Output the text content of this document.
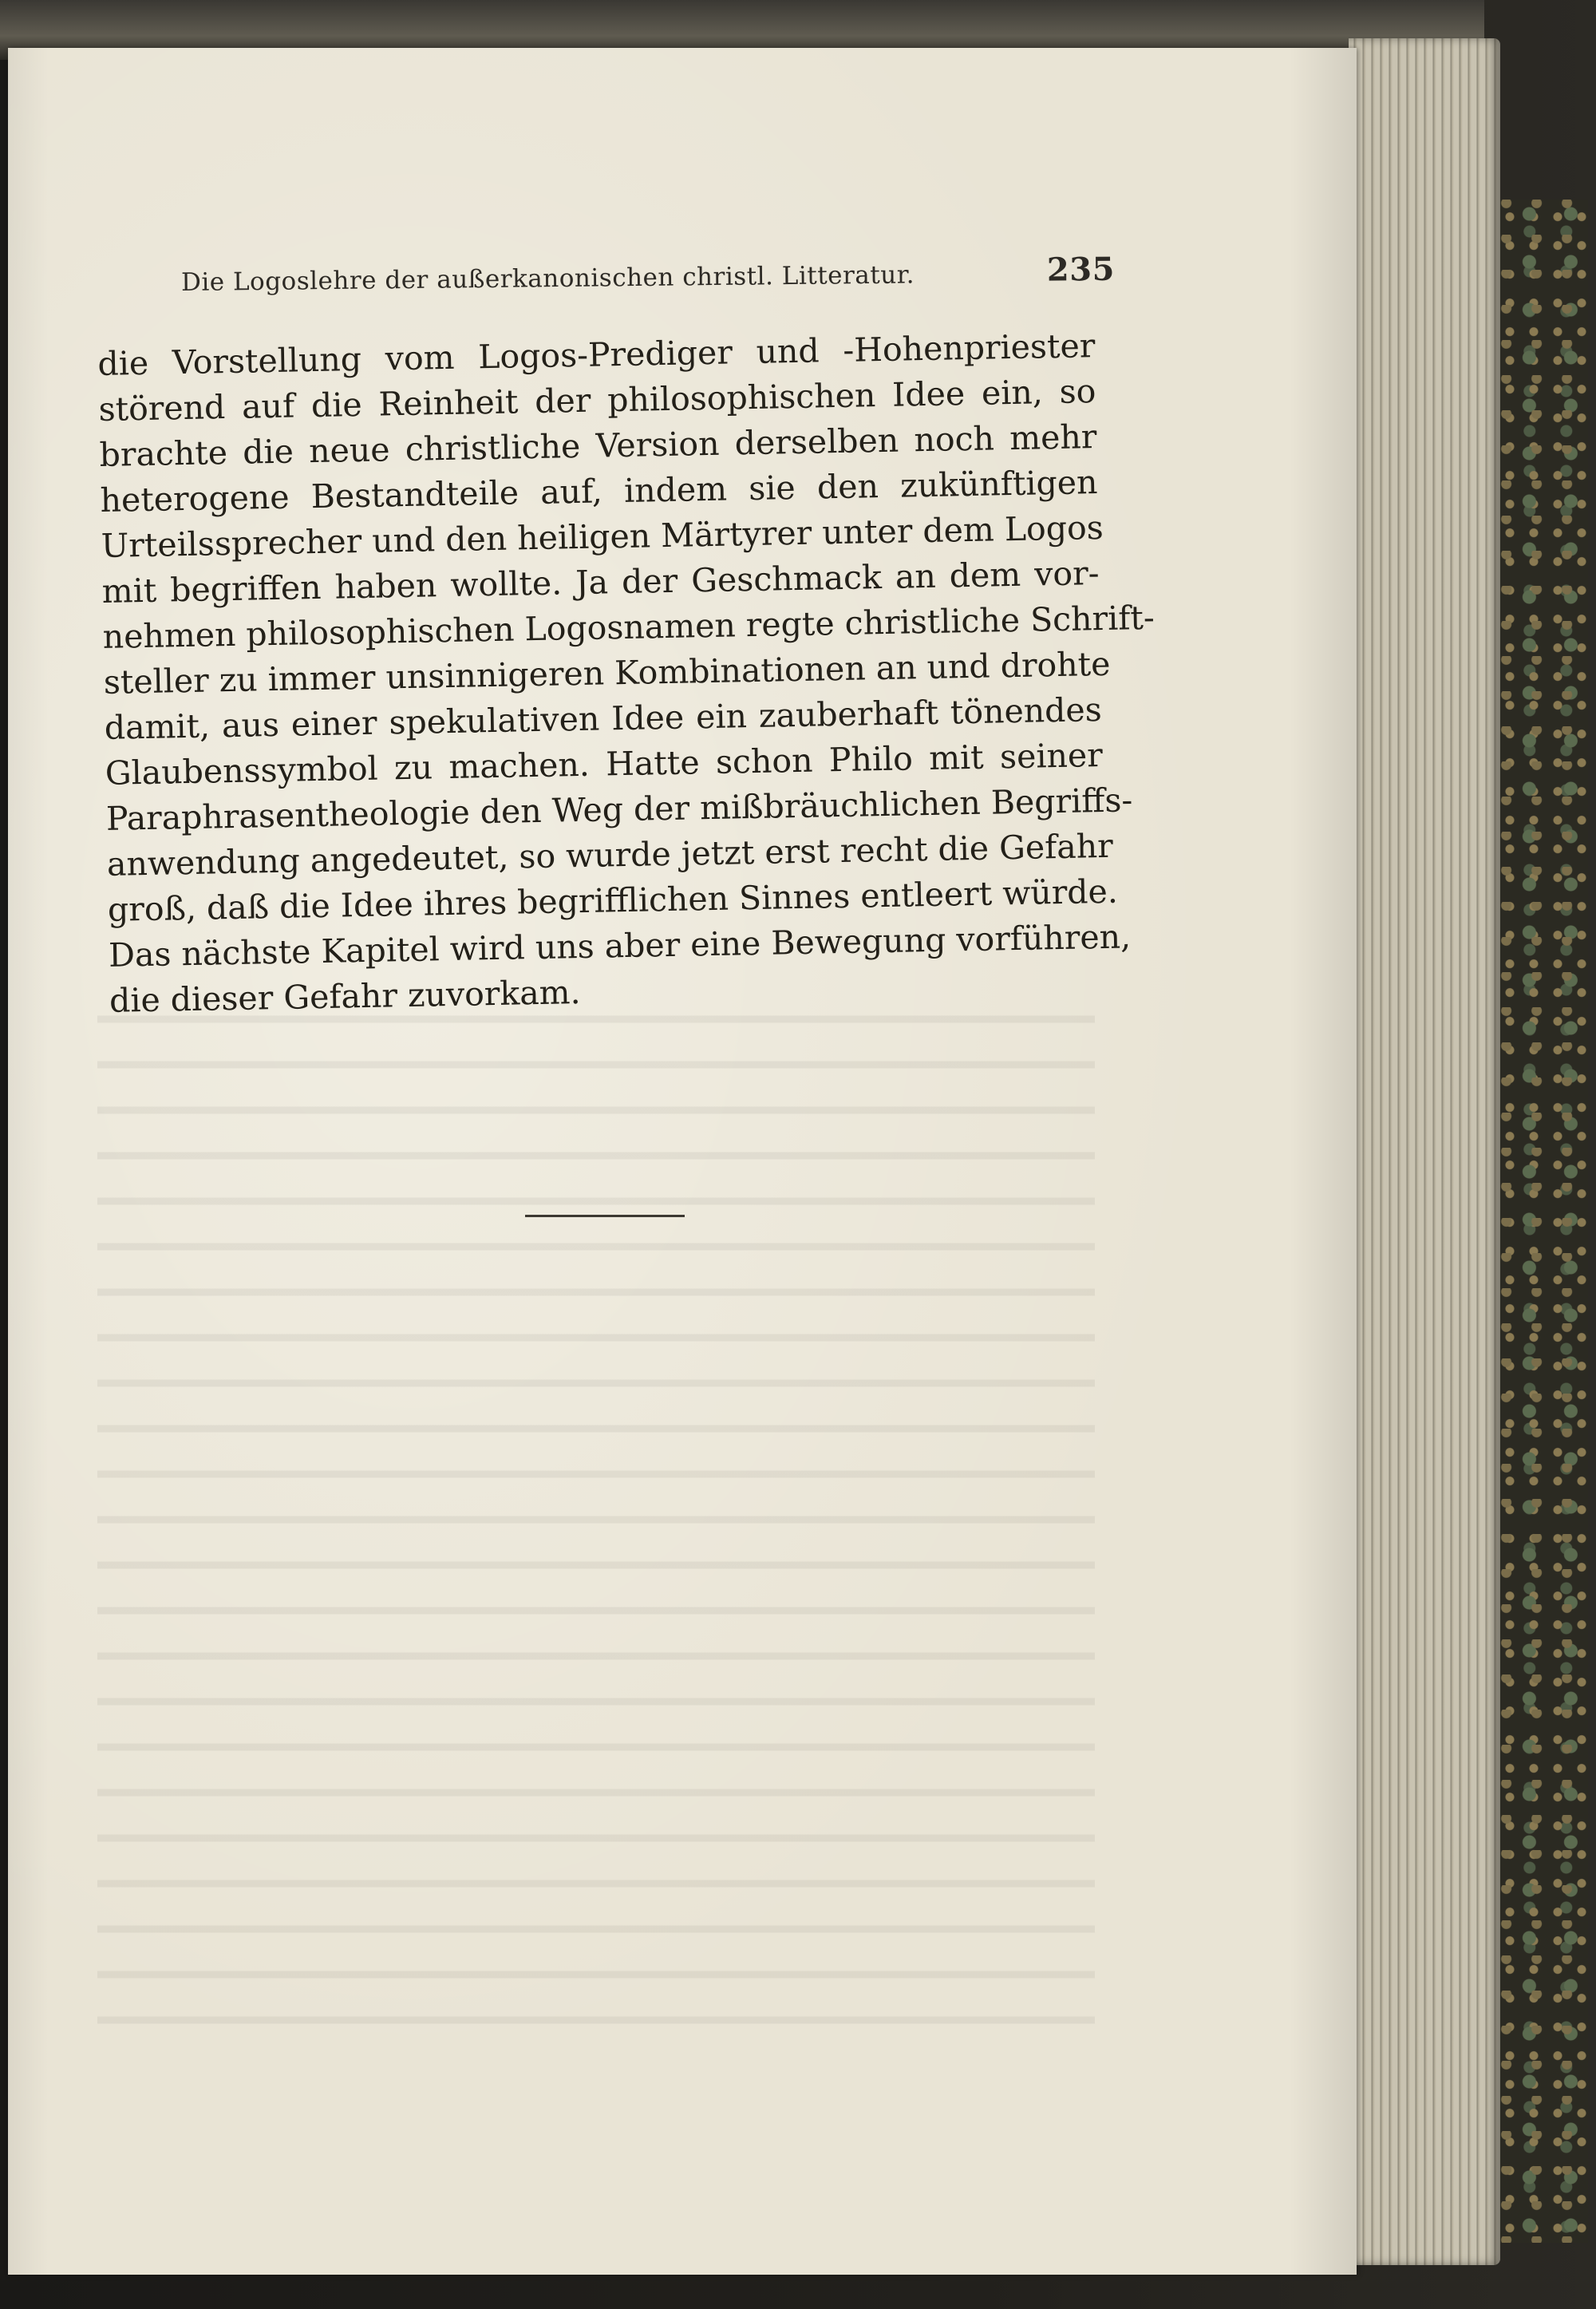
Die Logoslehre der außerkanonischen christl. Litteratur.	235
die Vorstellung vom Logos-Prediger und -Hohenpriester
störend auf die Reinheit der philosophischen Idee ein, so
brachte die neue christliche Version derselben noch mehr
heterogene Bestandteile auf, indem sie den zukünftigen
Urteilssprecher und den heiligen Märtyrer unter dem Logos
mit begriffen haben wollte. Ja der Geschmack an dem vor-
nehmen philosophischen Logosnamen regte christliche Schrift-
steller zu immer unsinnigeren Kombinationen an und drohte
damit, aus einer spekulativen Idee ein zauberhaft tönendes
Glaubenssymbol zu machen. Hatte schon Philo mit seiner
Paraphrasentheologie den Weg der mißbräuchlichen Begriffs-
anwendung angedeutet, so wurde jetzt erst recht die Gefahr
groß, daß die Idee ihres begrifflichen Sinnes entleert würde.
Das nächste Kapitel wird uns aber eine Bewegung vorführen,
die dieser Gefahr zuvorkam.
